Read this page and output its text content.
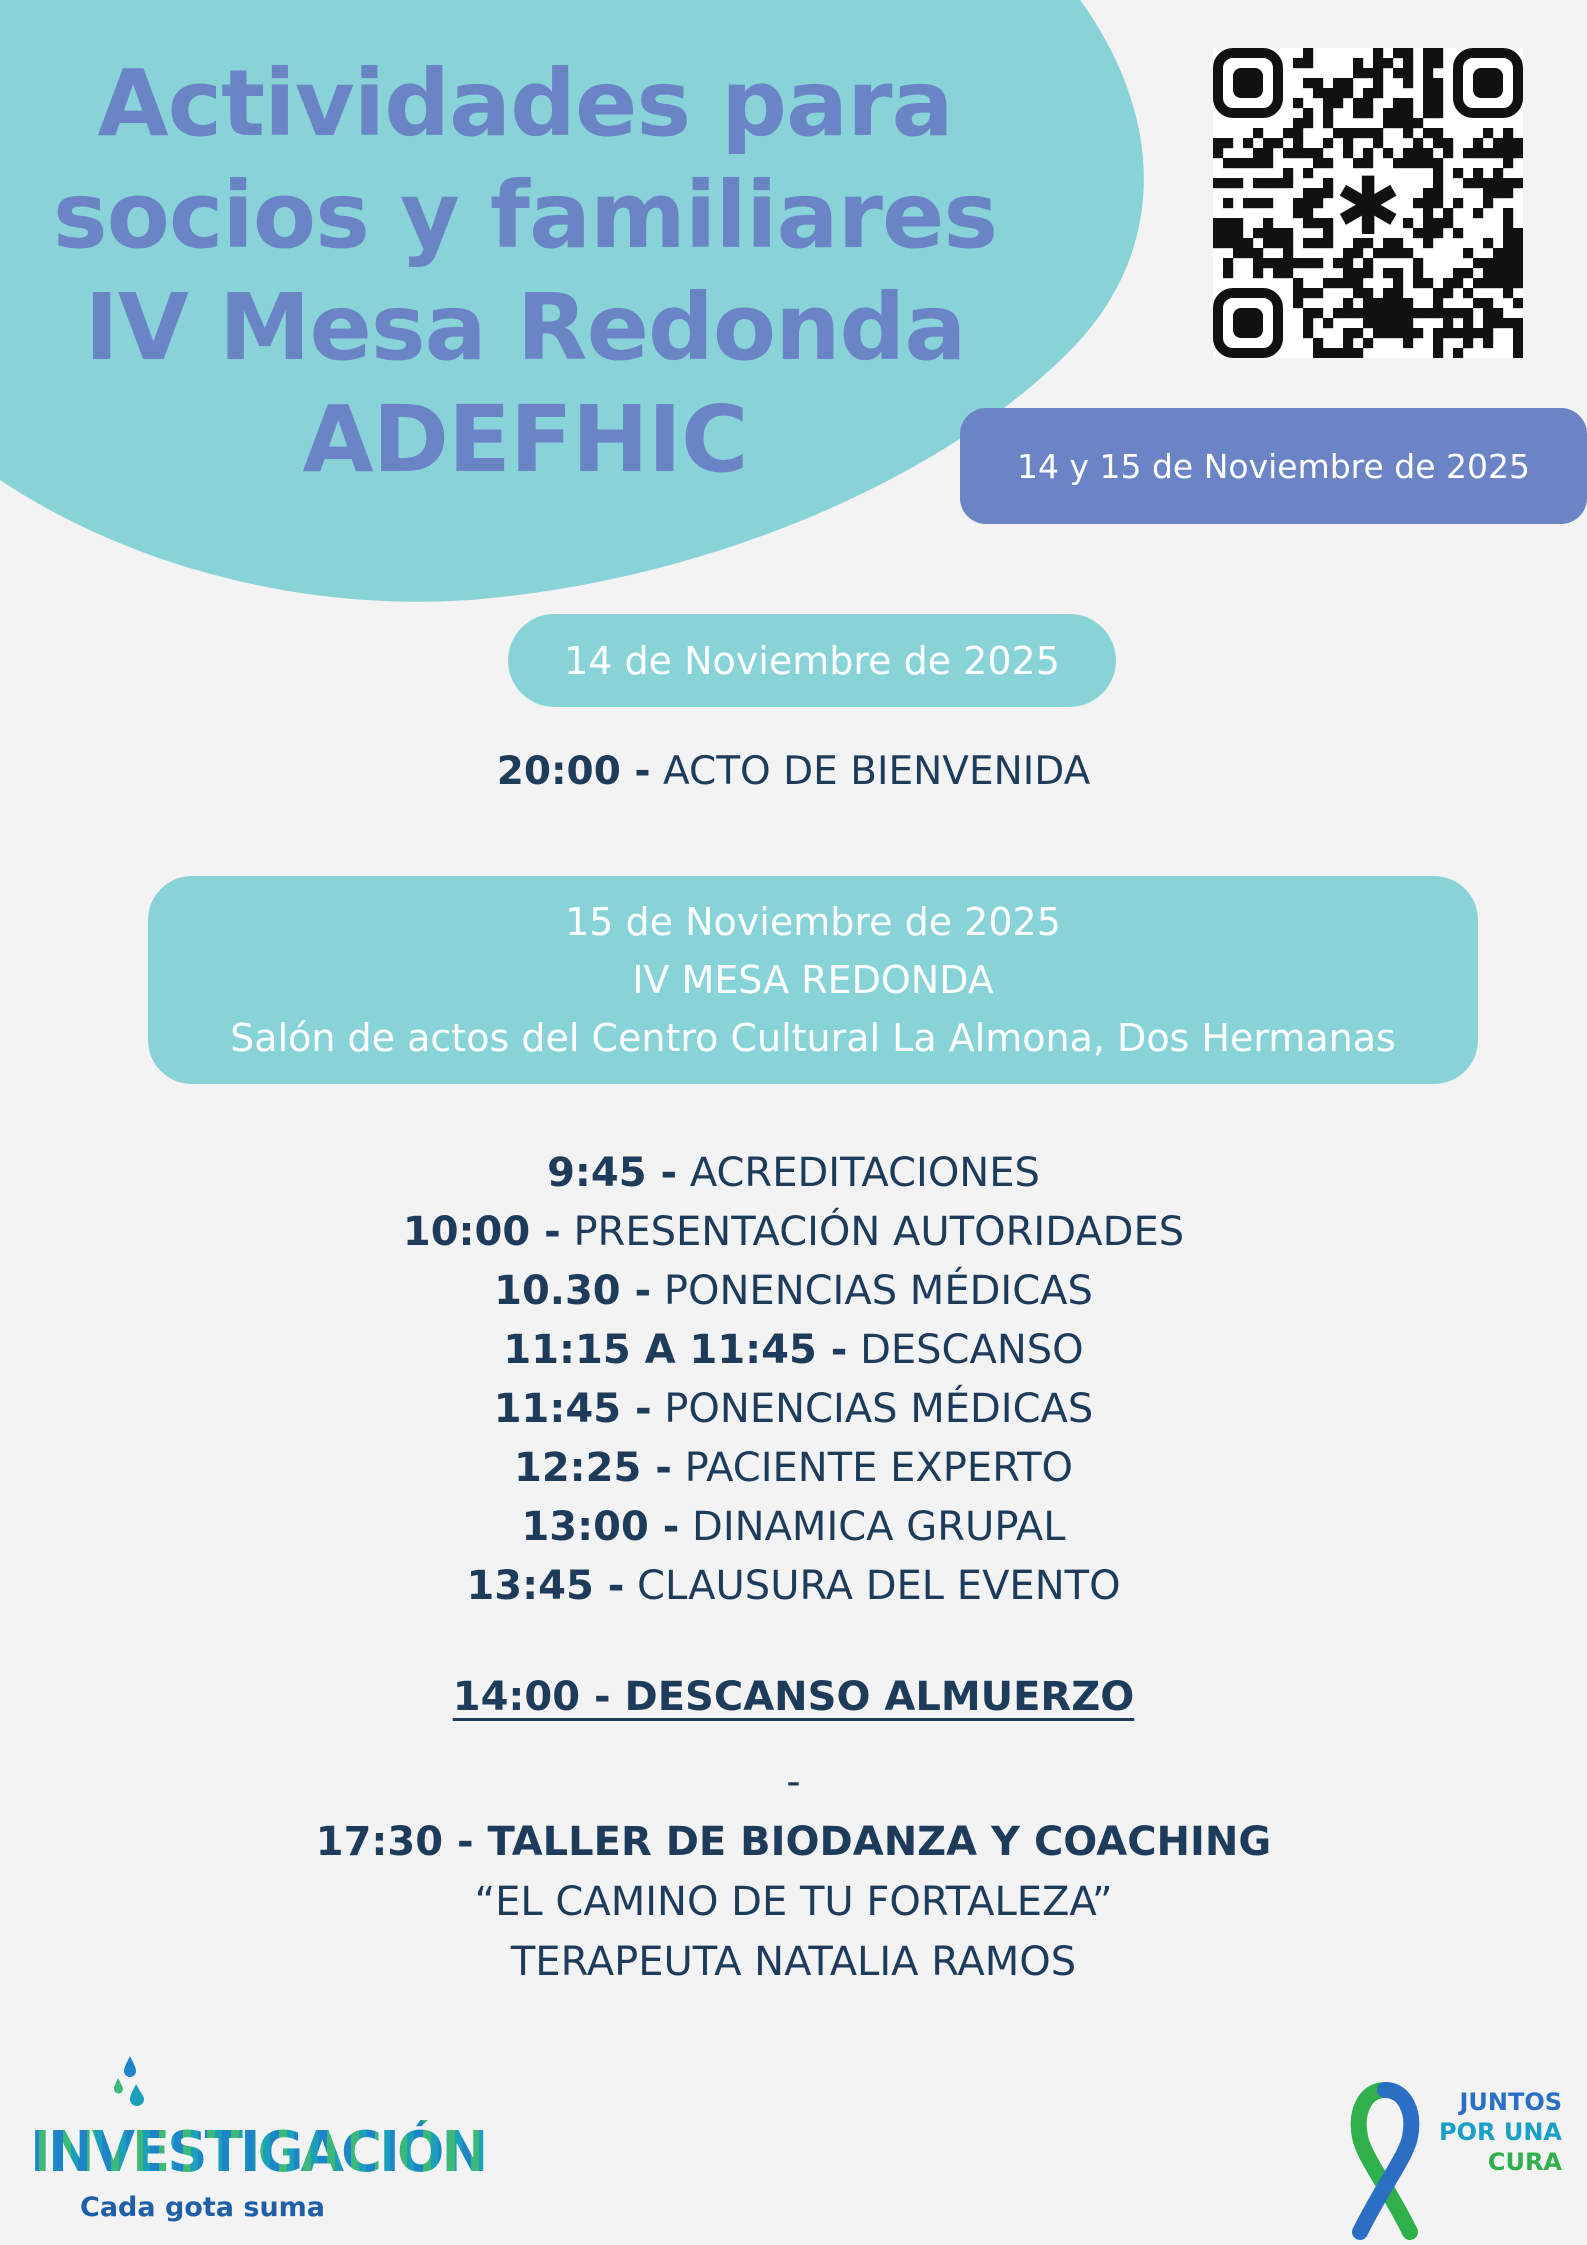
Actividades para
socios y familiares
IV Mesa Redonda
ADEFHIC
✱
14 y 15 de Noviembre de 2025
14 de Noviembre de 2025
20:00 - ACTO DE BIENVENIDA
15 de Noviembre de 2025
IV MESA REDONDA
Salón de actos del Centro Cultural La Almona, Dos Hermanas
9:45 - ACREDITACIONES
10:00 - PRESENTACIÓN AUTORIDADES
10.30 - PONENCIAS MÉDICAS
11:15 A 11:45 - DESCANSO
11:45 - PONENCIAS MÉDICAS
12:25 - PACIENTE EXPERTO
13:00 - DINAMICA GRUPAL
13:45 - CLAUSURA DEL EVENTO
14:00 - DESCANSO ALMUERZO
-
17:30 - TALLER DE BIODANZA Y COACHING
“EL CAMINO DE TU FORTALEZA”
TERAPEUTA NATALIA RAMOS
INVESTIGACIÓN
Cada gota suma
JUNTOS
POR UNA
CURA
